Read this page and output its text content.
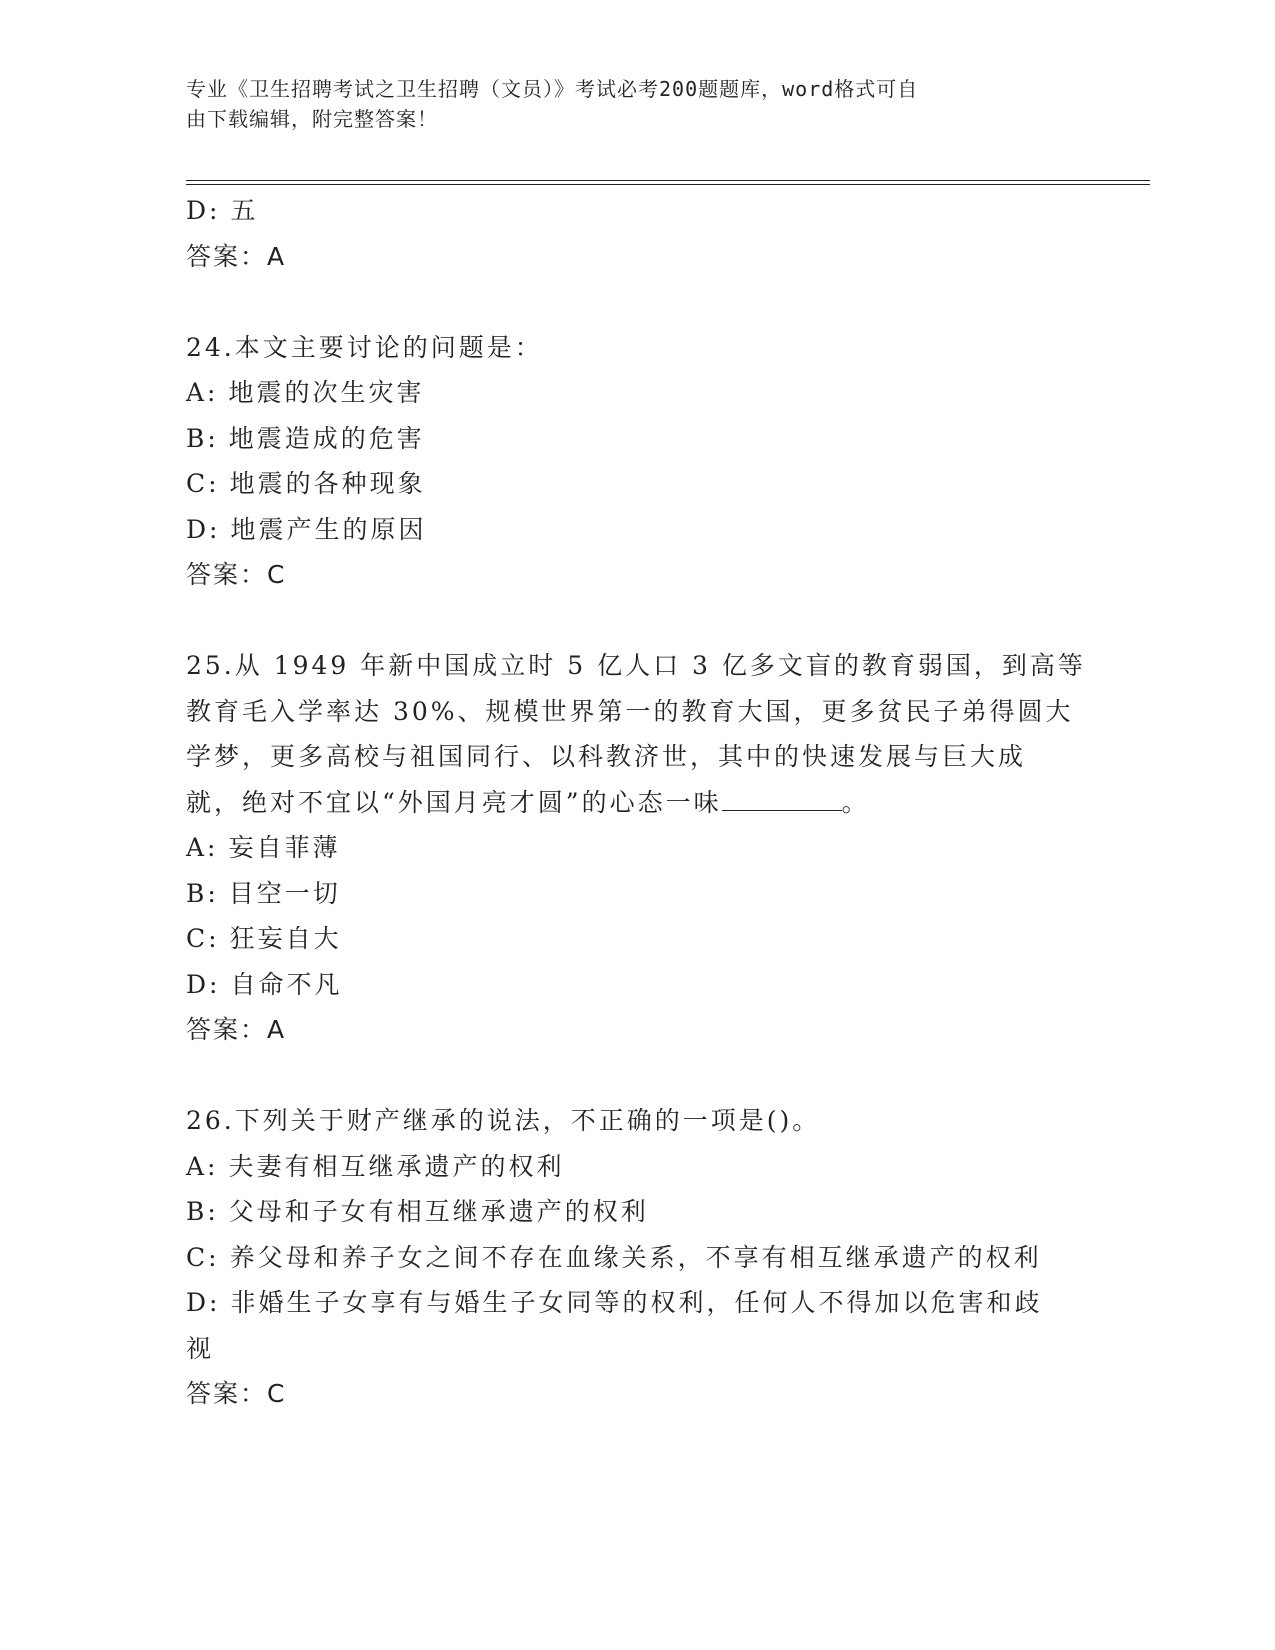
专业《卫生招聘考试之卫生招聘（文员）》考试必考200题题库，word格式可自
由下载编辑，附完整答案！
D: 五
答案：A
24.本文主要讨论的问题是：
A: 地震的次生灾害
B: 地震造成的危害
C: 地震的各种现象
D: 地震产生的原因
答案：C
25.从 1949 年新中国成立时 5 亿人口 3 亿多文盲的教育弱国，到高等
教育毛入学率达 30%、规模世界第一的教育大国，更多贫民子弟得圆大
学梦，更多高校与祖国同行、以科教济世，其中的快速发展与巨大成
就，绝对不宜以“外国月亮才圆”的心态一味	。
A: 妄自菲薄
B: 目空一切
C: 狂妄自大
D: 自命不凡
答案：A
26.下列关于财产继承的说法，不正确的一项是()。
A: 夫妻有相互继承遗产的权利
B: 父母和子女有相互继承遗产的权利
C: 养父母和养子女之间不存在血缘关系，不享有相互继承遗产的权利
D: 非婚生子女享有与婚生子女同等的权利，任何人不得加以危害和歧
视
答案：C
